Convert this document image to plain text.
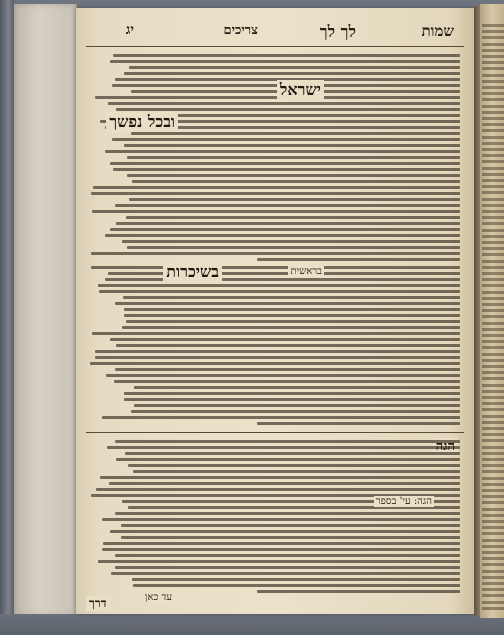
שמות
לך לך
צריכים
יג
ישראל
ובכל נפשך
בשיכרות	בראשית
הגה: עי' בספר
עד כאן
דרך
